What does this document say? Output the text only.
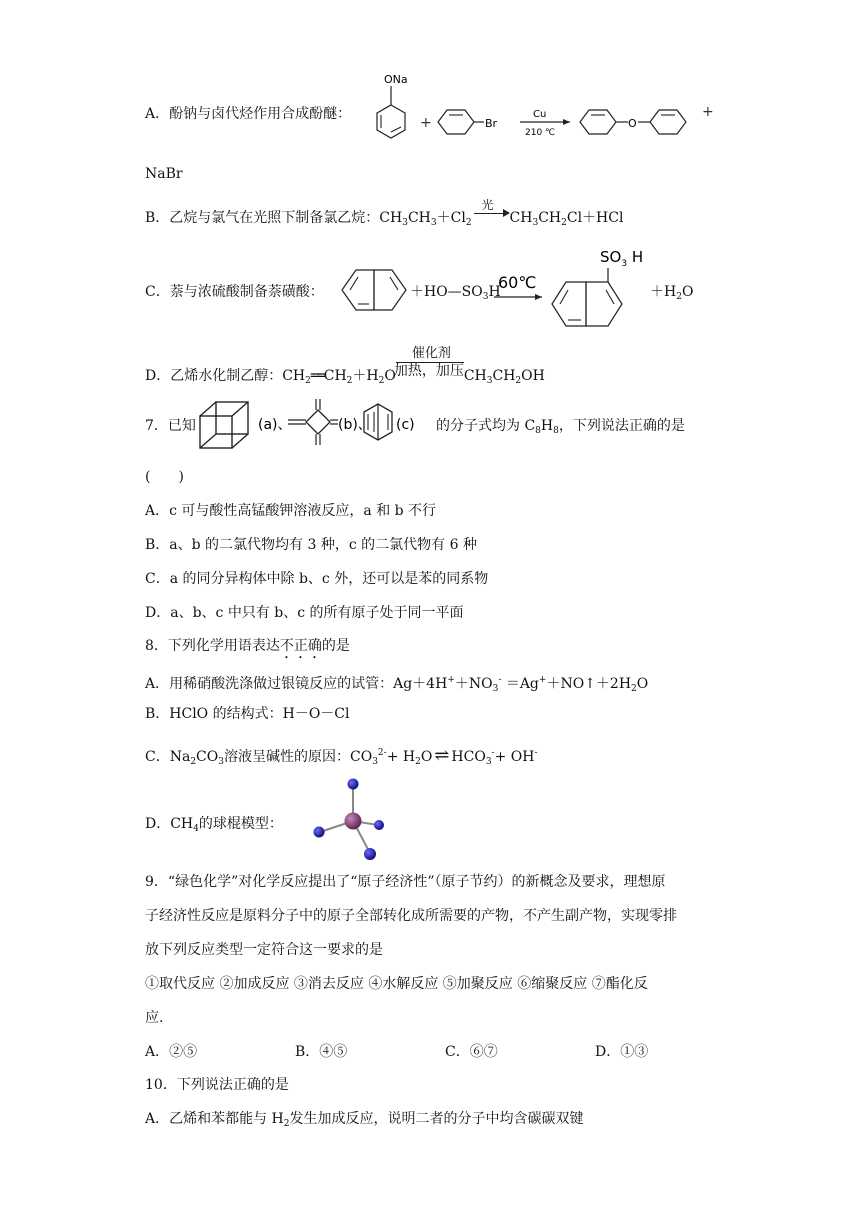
A．酚钠与卤代烃作用合成酚醚：
ONa
+	Br
Cu
210 ℃
O
+
NaBr
B．乙烷与氯气在光照下制备氯乙烷：$CH_3CH_3+Cl_2$
光
$CH_3CH_2Cl+HCl$
C．萘与浓硫酸制备萘磺酸：	$+HO—SO_3H$
60℃
$SO_3$ H
$+H_2O$
D．乙烯水化制乙醇：$CH_2══CH_2+H_2O$
催化剂
加热，加压 $CH_3CH_2OH$
7．已知	(a)、	(b)、 (c) 的分子式均为 $C_8H_8$，下列说法正确的是
(　　)
A．c 可与酸性高锰酸钾溶液反应，a 和 b 不行
B．a、b 的二氯代物均有 3 种，c 的二氯代物有 6 种
C．a 的同分异构体中除 b、c 外，还可以是苯的同系物
D．a、b、c 中只有 b、c 的所有原子处于同一平面
8．下列化学用语表达不正确的是
A．用稀硝酸洗涤做过银镜反应的试管：$Ag+4H^++NO_3^-$ $=Ag^++NO↑+2H_2O$
B．HClO 的结构式：H－O－Cl
C．$Na_2CO_3$溶液呈碱性的原因：$CO_3^{2-}+ H_2O$ ⇌ $HCO_3^-+ OH^-$
D．$CH_4$的球棍模型：
9．“绿色化学”对化学反应提出了“原子经济性”（原子节约）的新概念及要求，理想原
子经济性反应是原料分子中的原子全部转化成所需要的产物，不产生副产物，实现零排
放下列反应类型一定符合这一要求的是
①取代反应 ②加成反应 ③消去反应 ④水解反应 ⑤加聚反应 ⑥缩聚反应 ⑦酯化反
应.
A．②⑤	B．④⑤	C．⑥⑦	D．①③
10．下列说法正确的是
A．乙烯和苯都能与 $H_2$发生加成反应，说明二者的分子中均含碳碳双键
